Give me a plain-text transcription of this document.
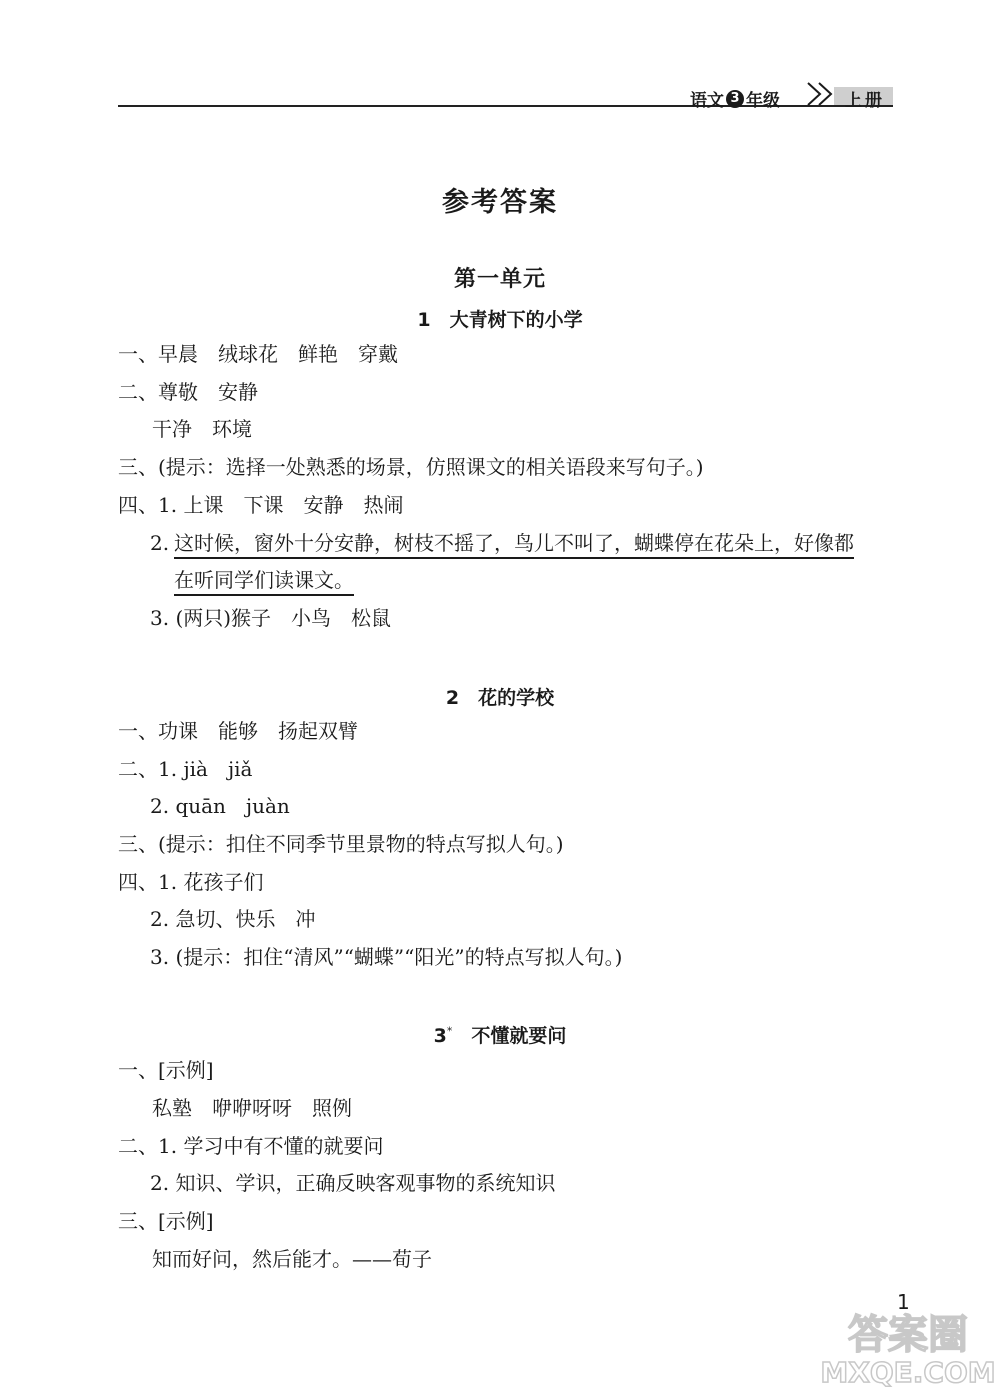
语文 3 年级	上册
参考答案
第一单元
1　大青树下的小学
一、早晨　绒球花　鲜艳　穿戴
二、尊敬　安静
干净　环境
三、(提示：选择一处熟悉的场景，仿照课文的相关语段来写句子。)
四、1. 上课　下课　安静　热闹
2.
这时候，窗外十分安静，树枝不摇了，鸟儿不叫了，蝴蝶停在花朵上，好像都
在听同学们读课文。
3. (两只)猴子　小鸟　松鼠
2　花的学校
一、功课　能够　扬起双臂
二、1. jià　jiǎ
2. quān　juàn
三、(提示：扣住不同季节里景物的特点写拟人句。)
四、1. 花孩子们
2. 急切、快乐　冲
3. (提示：扣住“清风”“蝴蝶”“阳光”的特点写拟人句。)
3*　 不懂就要问
一、[示例]
私塾　咿咿呀呀　照例
二、1. 学习中有不懂的就要问
2. 知识、学识，正确反映客观事物的系统知识
三、[示例]
知而好问，然后能才。——荀子
1
答案圈
MXQE.COM
